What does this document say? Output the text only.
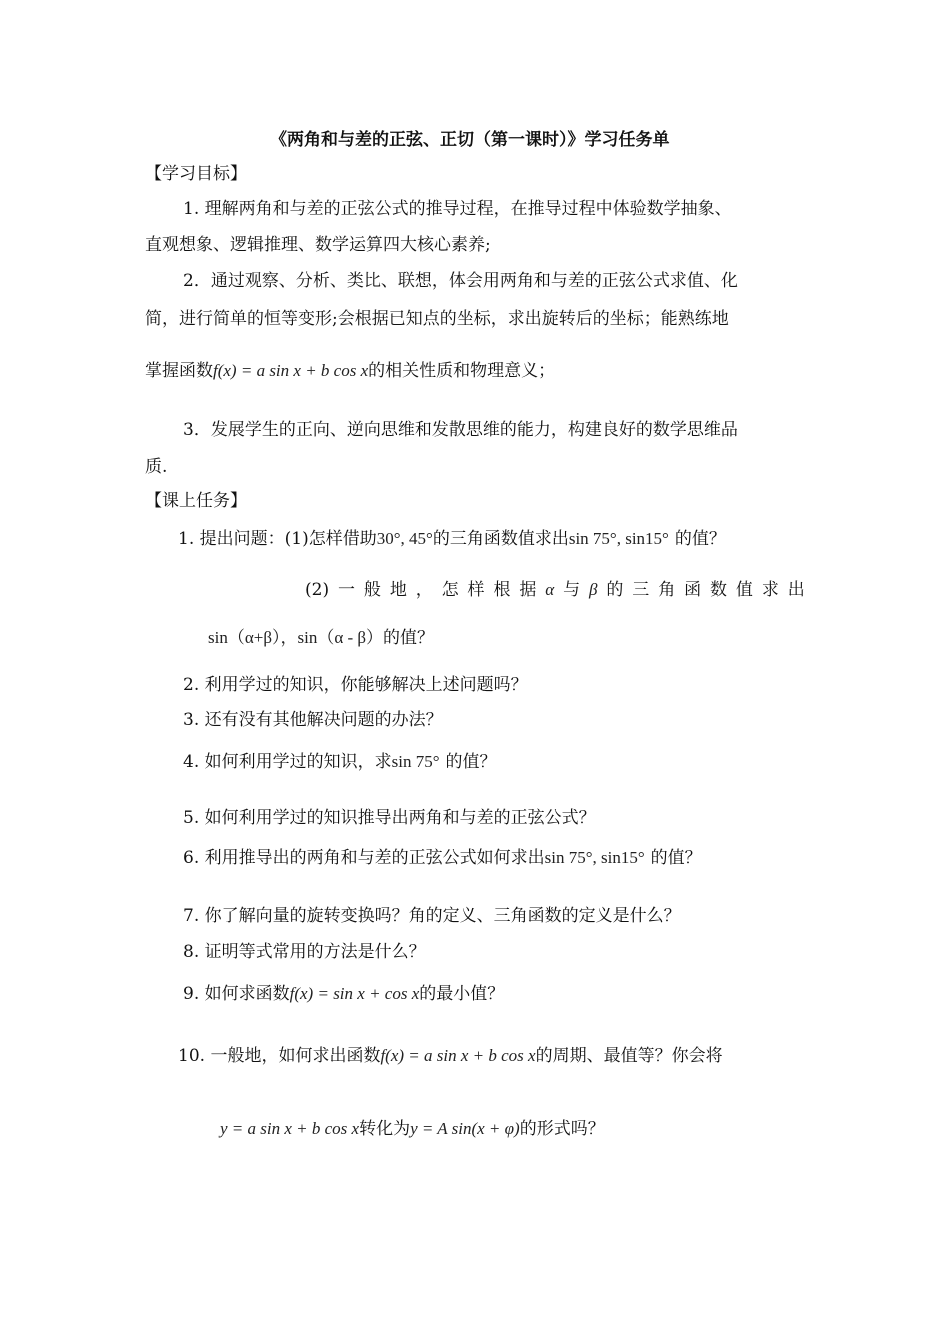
《两角和与差的正弦、正切（第一课时）》学习任务单
【学习目标】
1. 理解两角和与差的正弦公式的推导过程，在推导过程中体验数学抽象、
直观想象、逻辑推理、数学运算四大核心素养;
2．通过观察、分析、类比、联想，体会用两角和与差的正弦公式求值、化
简，进行简单的恒等变形;会根据已知点的坐标，求出旋转后的坐标；能熟练地
掌握函数f(x) = a sin x + b cos x的相关性质和物理意义；
3．发展学生的正向、逆向思维和发散思维的能力，构建良好的数学思维品
质.
【课上任务】
1. 提出问题：(1)怎样借助30°, 45°的三角函数值求出sin 75°, sin15° 的值？
(2) 一 般 地 ， 怎 样 根 据 α 与 β 的 三 角 函 数 值 求 出
sin（α+β），sin（α - β）的值？
2. 利用学过的知识，你能够解决上述问题吗？
3. 还有没有其他解决问题的办法？
4. 如何利用学过的知识，求sin 75° 的值？
5. 如何利用学过的知识推导出两角和与差的正弦公式？
6. 利用推导出的两角和与差的正弦公式如何求出sin 75°, sin15° 的值？
7. 你了解向量的旋转变换吗？角的定义、三角函数的定义是什么？
8. 证明等式常用的方法是什么？
9. 如何求函数f(x) = sin x + cos x的最小值？
10. 一般地，如何求出函数f(x) = a sin x + b cos x的周期、最值等？你会将
y = a sin x + b cos x转化为y = A sin(x + φ)的形式吗？
